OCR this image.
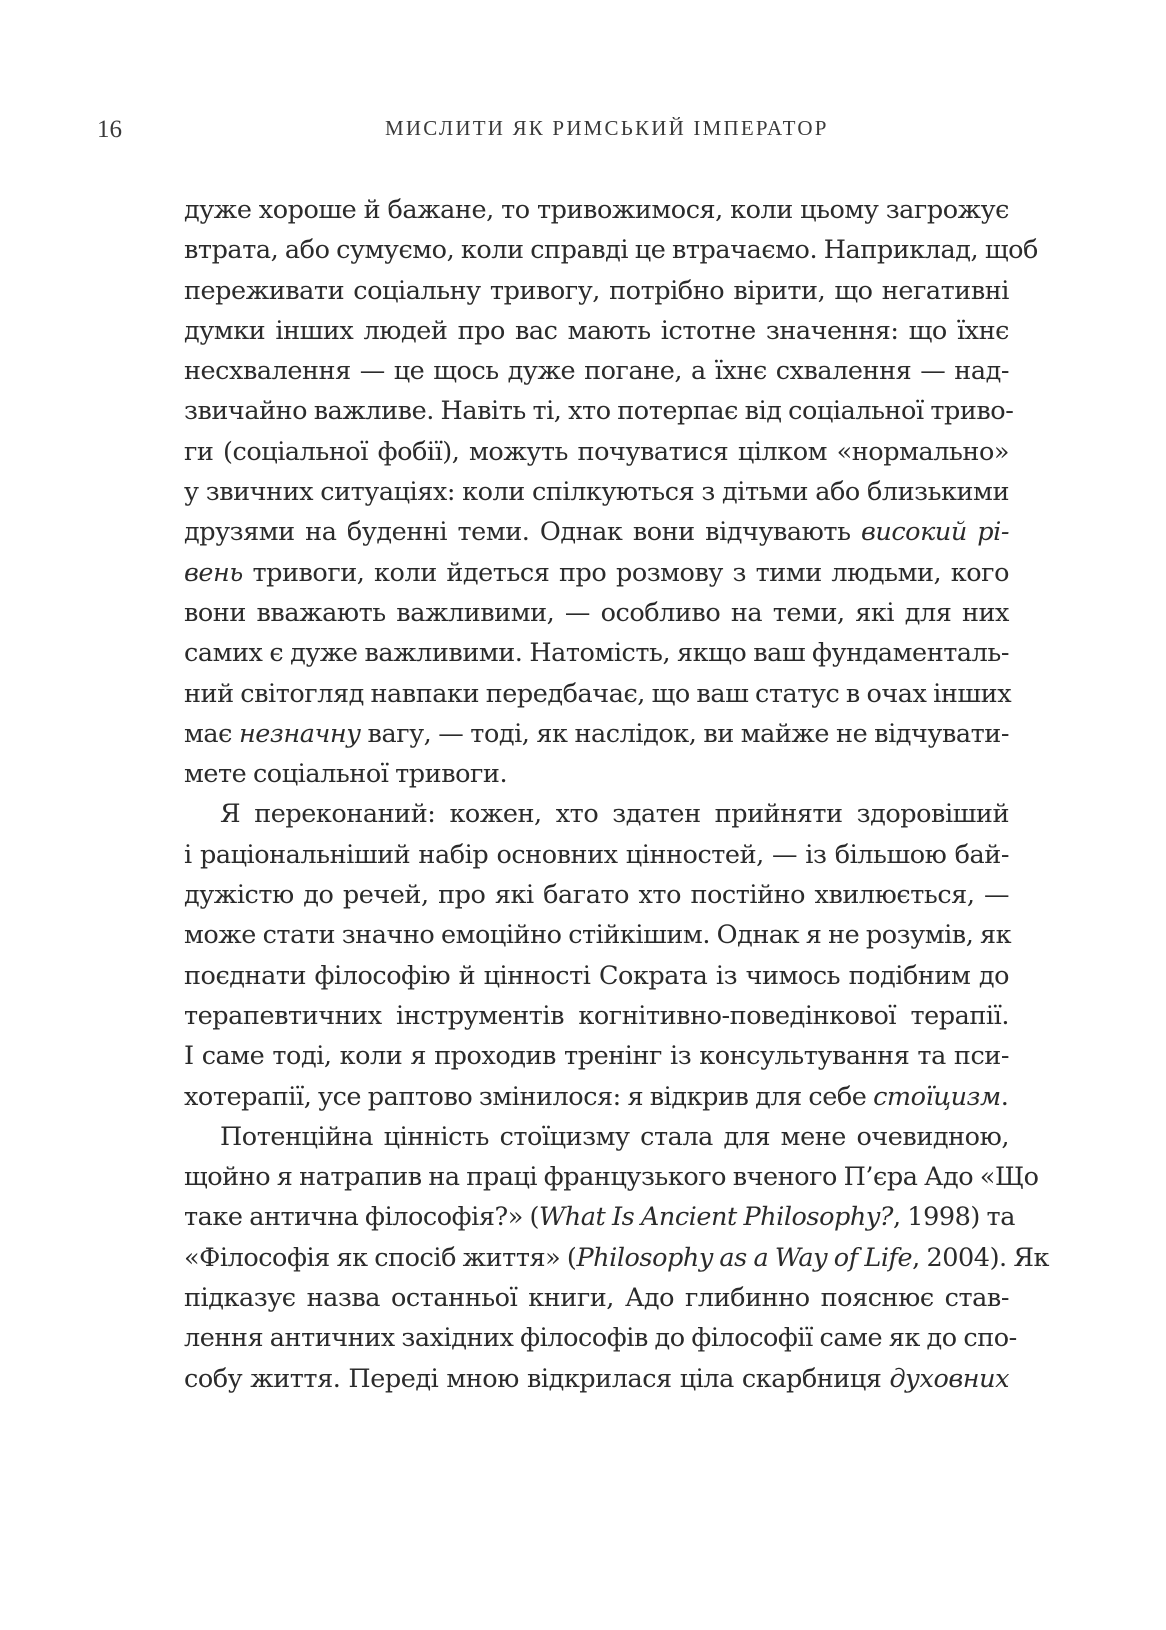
16	МИСЛИТИ ЯК РИМСЬКИЙ ІМПЕРАТОР
дуже хороше й бажане, то тривожимося, коли цьому загрожує
втрата, або сумуємо, коли справді це втрачаємо. Наприклад, щоб
переживати соціальну тривогу, потрібно вірити, що негативні
думки інших людей про вас мають істотне значення: що їхнє
несхвалення — це щось дуже погане, а їхнє схвалення — над-
звичайно важливе. Навіть ті, хто потерпає від соціальної триво-
ги (соціальної фобії), можуть почуватися цілком «нормально»
у звичних ситуаціях: коли спілкуються з дітьми або близькими
друзями на буденні теми. Однак вони відчувають високий рі-
вень тривоги, коли йдеться про розмову з тими людьми, кого
вони вважають важливими, — особливо на теми, які для них
самих є дуже важливими. Натомість, якщо ваш фундаменталь-
ний світогляд навпаки передбачає, що ваш статус в очах інших
має незначну вагу, — тоді, як наслідок, ви майже не відчувати-
мете соціальної тривоги.
Я переконаний: кожен, хто здатен прийняти здоровіший
і раціональніший набір основних цінностей, — із більшою бай-
дужістю до речей, про які багато хто постійно хвилюється, —
може стати значно емоційно стійкішим. Однак я не розумів, як
поєднати філософію й цінності Сократа із чимось подібним до
терапевтичних інструментів когнітивно-поведінкової терапії.
І саме тоді, коли я проходив тренінг із консультування та пси-
хотерапії, усе раптово змінилося: я відкрив для себе стоїцизм.
Потенційна цінність стоїцизму стала для мене очевидною,
щойно я натрапив на праці французького вченого П’єра Адо «Що
таке антична філософія?» (What Is Ancient Philosophy?, 1998) та
«Філософія як спосіб життя» (Philosophy as a Way of Life, 2004). Як
підказує назва останньої книги, Адо глибинно пояснює став-
лення античних західних філософів до філософії саме як до спо-
собу життя. Переді мною відкрилася ціла скарбниця духовних
